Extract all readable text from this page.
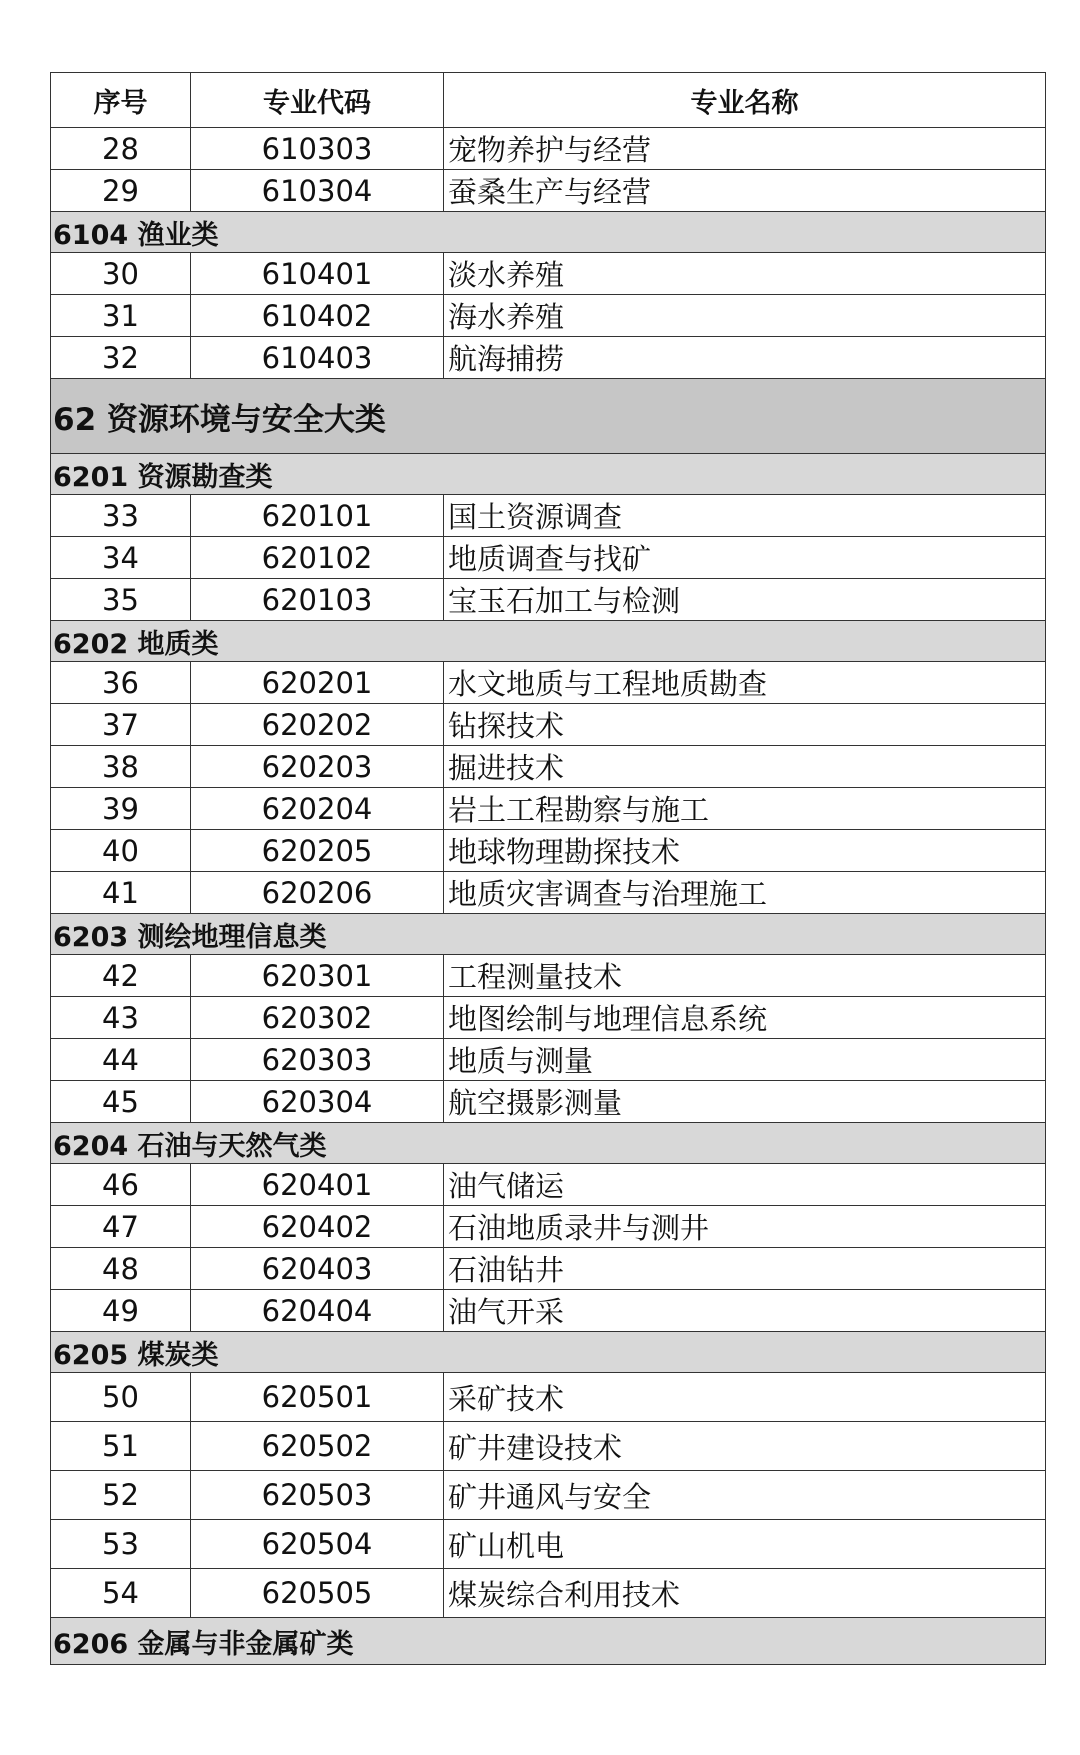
序号	专业代码	专业名称
28	610303	宠物养护与经营
29	610304	蚕桑生产与经营
6104 渔业类		
30	610401	淡水养殖
31	610402	海水养殖
32	610403	航海捕捞
62 资源环境与安全大类		
6201 资源勘查类		
33	620101	国土资源调查
34	620102	地质调查与找矿
35	620103	宝玉石加工与检测
6202 地质类		
36	620201	水文地质与工程地质勘查
37	620202	钻探技术
38	620203	掘进技术
39	620204	岩土工程勘察与施工
40	620205	地球物理勘探技术
41	620206	地质灾害调查与治理施工
6203 测绘地理信息类		
42	620301	工程测量技术
43	620302	地图绘制与地理信息系统
44	620303	地质与测量
45	620304	航空摄影测量
6204 石油与天然气类		
46	620401	油气储运
47	620402	石油地质录井与测井
48	620403	石油钻井
49	620404	油气开采
6205 煤炭类		
50	620501	采矿技术
51	620502	矿井建设技术
52	620503	矿井通风与安全
53	620504	矿山机电
54	620505	煤炭综合利用技术
6206 金属与非金属矿类		
